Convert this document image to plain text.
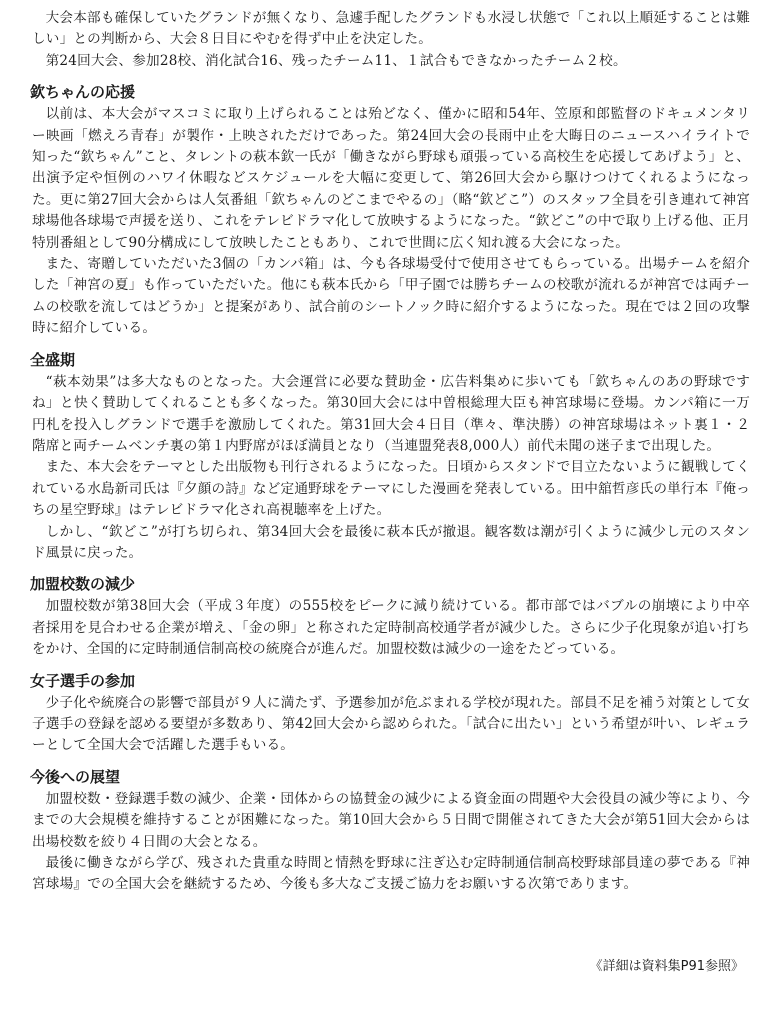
大会本部も確保していたグランドが無くなり、急遽手配したグランドも水浸し状態で「これ以上順延することは難しい」との判断から、大会８日目にやむを得ず中止を決定した。

第24回大会、参加28校、消化試合16、残ったチーム11、１試合もできなかったチーム２校。

欽ちゃんの応援

以前は、本大会がマスコミに取り上げられることは殆どなく、僅かに昭和54年、笠原和郎監督のドキュメンタリー映画「燃えろ青春」が製作・上映されただけであった。第24回大会の長雨中止を大晦日のニュースハイライトで知った“欽ちゃん”こと、タレントの萩本欽一氏が「働きながら野球も頑張っている高校生を応援してあげよう」と、出演予定や恒例のハワイ休暇などスケジュールを大幅に変更して、第26回大会から駆けつけてくれるようになった。更に第27回大会からは人気番組「欽ちゃんのどこまでやるの」（略“欽どこ”）のスタッフ全員を引き連れて神宮球場他各球場で声援を送り、これをテレビドラマ化して放映するようになった。“欽どこ”の中で取り上げる他、正月特別番組として90分構成にして放映したこともあり、これで世間に広く知れ渡る大会になった。

また、寄贈していただいた3個の「カンパ箱」は、今も各球場受付で使用させてもらっている。出場チームを紹介した「神宮の夏」も作っていただいた。他にも萩本氏から「甲子園では勝ちチームの校歌が流れるが神宮では両チームの校歌を流してはどうか」と提案があり、試合前のシートノック時に紹介するようになった。現在では２回の攻撃時に紹介している。

全盛期

“萩本効果”は多大なものとなった。大会運営に必要な賛助金・広告料集めに歩いても「欽ちゃんのあの野球ですね」と快く賛助してくれることも多くなった。第30回大会には中曽根総理大臣も神宮球場に登場。カンパ箱に一万円札を投入しグランドで選手を激励してくれた。第31回大会４日目（準々、準決勝）の神宮球場はネット裏１・２階席と両チームベンチ裏の第１内野席がほぼ満員となり（当連盟発表8,000人）前代未聞の迷子まで出現した。

また、本大会をテーマとした出版物も刊行されるようになった。日頃からスタンドで目立たないように観戦してくれている水島新司氏は『夕顔の詩』など定通野球をテーマにした漫画を発表している。田中舘哲彦氏の単行本『俺っちの星空野球』はテレビドラマ化され高視聴率を上げた。

しかし、“欽どこ”が打ち切られ、第34回大会を最後に萩本氏が撤退。観客数は潮が引くように減少し元のスタンド風景に戻った。

加盟校数の減少

加盟校数が第38回大会（平成３年度）の555校をピークに減り続けている。都市部ではバブルの崩壊により中卒者採用を見合わせる企業が増え、「金の卵」と称された定時制高校通学者が減少した。さらに少子化現象が追い打ちをかけ、全国的に定時制通信制高校の統廃合が進んだ。加盟校数は減少の一途をたどっている。

女子選手の参加

少子化や統廃合の影響で部員が９人に満たず、予選参加が危ぶまれる学校が現れた。部員不足を補う対策として女子選手の登録を認める要望が多数あり、第42回大会から認められた。「試合に出たい」という希望が叶い、レギュラーとして全国大会で活躍した選手もいる。

今後への展望

加盟校数・登録選手数の減少、企業・団体からの協賛金の減少による資金面の問題や大会役員の減少等により、今までの大会規模を維持することが困難になった。第10回大会から５日間で開催されてきた大会が第51回大会からは出場校数を絞り４日間の大会となる。

最後に働きながら学び、残された貴重な時間と情熱を野球に注ぎ込む定時制通信制高校野球部員達の夢である『神宮球場』での全国大会を継続するため、今後も多大なご支援ご協力をお願いする次第であります。

《詳細は資料集P91参照》
